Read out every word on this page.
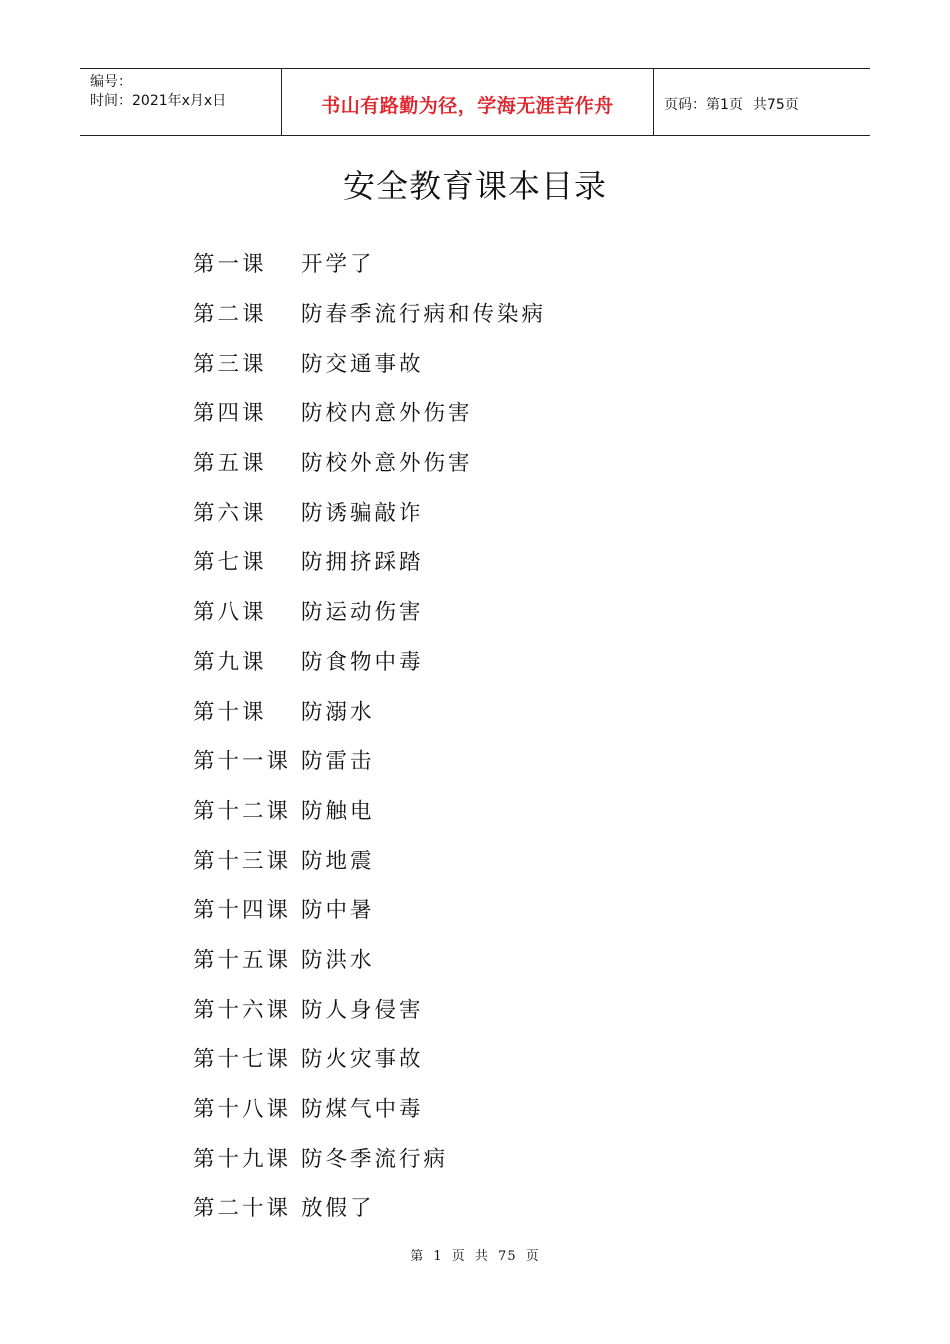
编号：
时间：2021年x月x日	书山有路勤为径，学海无涯苦作舟	页码：第1页 共75页
安全教育课本目录
第一课	开学了
第二课	防春季流行病和传染病
第三课	防交通事故
第四课	防校内意外伤害
第五课	防校外意外伤害
第六课	防诱骗敲诈
第七课	防拥挤踩踏
第八课	防运动伤害
第九课	防食物中毒
第十课	防溺水
第十一课 防雷击
第十二课 防触电
第十三课 防地震
第十四课 防中暑
第十五课 防洪水
第十六课 防人身侵害
第十七课 防火灾事故
第十八课 防煤气中毒
第十九课 防冬季流行病
第二十课 放假了
第 1 页 共 75 页
